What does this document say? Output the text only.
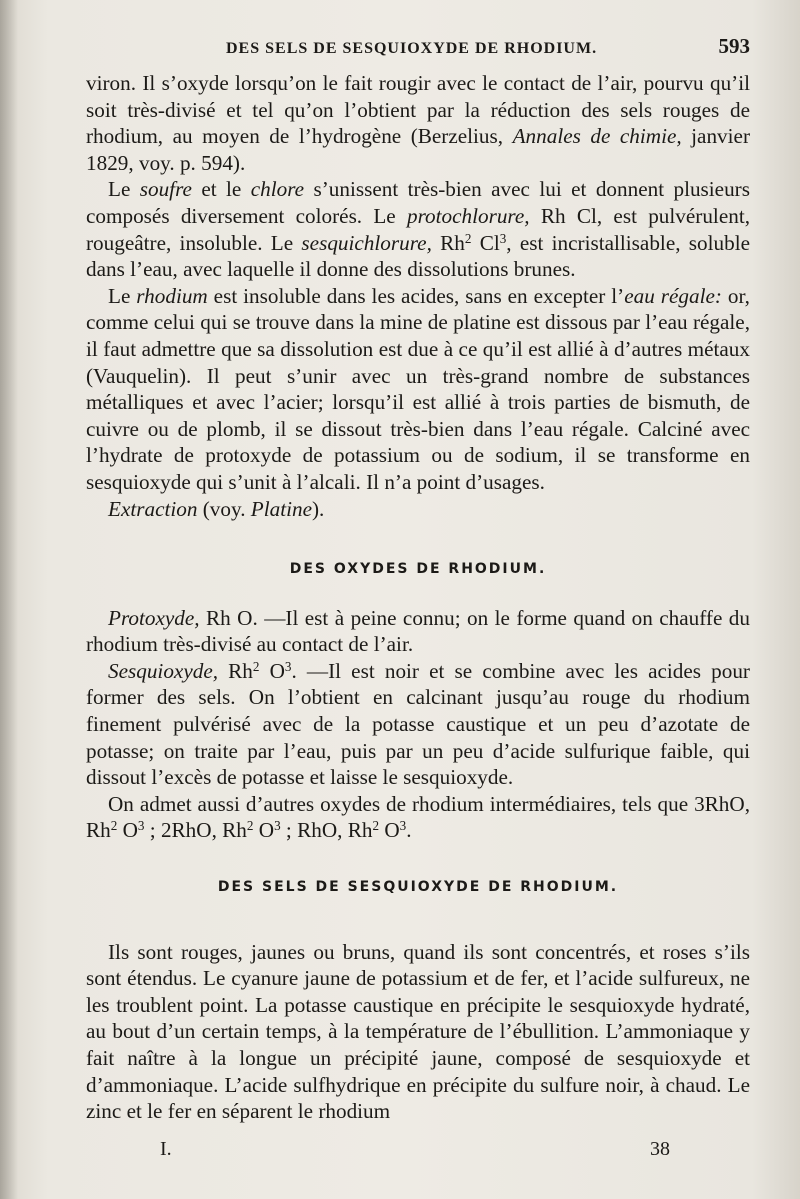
DES SELS DE SESQUIOXYDE DE RHODIUM.	593

viron. Il s’oxyde lorsqu’on le fait rougir avec le contact de l’air, pourvu qu’il soit très-divisé et tel qu’on l’obtient par la réduction des sels rouges de rhodium, au moyen de l’hydrogène (Berzelius, Annales de chimie, janvier 1829, voy. p. 594).

Le soufre et le chlore s’unissent très-bien avec lui et donnent plusieurs composés diversement colorés. Le protochlorure, Rh Cl, est pulvérulent, rougeâtre, insoluble. Le sesquichlorure, Rh$^2$ Cl$^3$, est incristallisable, soluble dans l’eau, avec laquelle il donne des dissolutions brunes.

Le rhodium est insoluble dans les acides, sans en excepter l’eau régale: or, comme celui qui se trouve dans la mine de platine est dissous par l’eau régale, il faut admettre que sa dissolution est due à ce qu’il est allié à d’autres métaux (Vauquelin). Il peut s’unir avec un très-grand nombre de substances métalliques et avec l’acier; lorsqu’il est allié à trois parties de bismuth, de cuivre ou de plomb, il se dissout très-bien dans l’eau régale. Calciné avec l’hydrate de protoxyde de potassium ou de sodium, il se transforme en sesquioxyde qui s’unit à l’alcali. Il n’a point d’usages.

Extraction (voy. Platine).

DES OXYDES DE RHODIUM.

Protoxyde, Rh O. —Il est à peine connu; on le forme quand on chauffe du rhodium très-divisé au contact de l’air.

Sesquioxyde, Rh$^2$ $O^3$. —Il est noir et se combine avec les acides pour former des sels. On l’obtient en calcinant jusqu’au rouge du rhodium finement pulvérisé avec de la potasse caustique et un peu d’azotate de potasse; on traite par l’eau, puis par un peu d’acide sulfurique faible, qui dissout l’excès de potasse et laisse le sesquioxyde.

On admet aussi d’autres oxydes de rhodium intermédiaires, tels que 3RhO, Rh$^2$ $O^3$ ; 2RhO, Rh$^2$ $O^3$ ; RhO, Rh$^2$ $O^3$.

DES SELS DE SESQUIOXYDE DE RHODIUM.

Ils sont rouges, jaunes ou bruns, quand ils sont concentrés, et roses s’ils sont étendus. Le cyanure jaune de potassium et de fer, et l’acide sulfureux, ne les troublent point. La potasse caustique en précipite le sesquioxyde hydraté, au bout d’un certain temps, à la température de l’ébullition. L’ammoniaque y fait naître à la longue un précipité jaune, composé de sesquioxyde et d’ammoniaque. L’acide sulfhydrique en précipite du sulfure noir, à chaud. Le zinc et le fer en séparent le rhodium

I.	38
